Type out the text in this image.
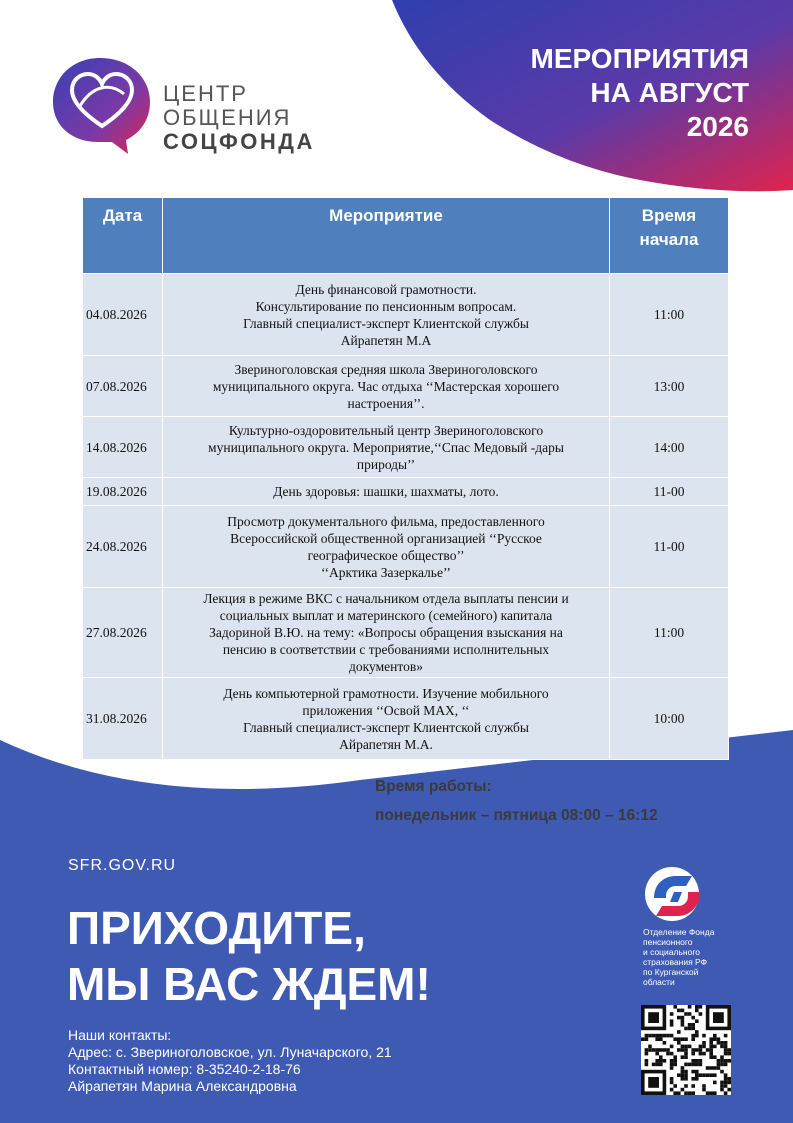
ЦЕНТР
ОБЩЕНИЯ
СОЦФОНДА
МЕРОПРИЯТИЯ
НА АВГУСТ
2026
Дата	Мероприятие	Время
начала

04.08.2026	День финансовой грамотности.
Консультирование по пенсионным вопросам.
Главный специалист-эксперт Клиентской службы
Айрапетян М.А	11:00
07.08.2026	Звериноголовская средняя школа Звериноголовского
муниципального округа. Час отдыха ‘‘Мастерская хорошего
настроения’’.	13:00
14.08.2026	Культурно-оздоровительный центр Звериноголовского
муниципального округа. Мероприятие,‘‘Спас Медовый -дары
природы’’	14:00
19.08.2026	День здоровья: шашки, шахматы, лото.	11-00
24.08.2026	Просмотр документального фильма, предоставленного
Всероссийской общественной организацией ‘‘Русское
географическое общество’’
‘‘Арктика Зазеркалье’’	11-00
27.08.2026	Лекция в режиме ВКС с начальником отдела выплаты пенсии и
социальных выплат и материнского (семейного) капитала
Задориной В.Ю. на тему: «Вопросы обращения взыскания на
пенсию в соответствии с требованиями исполнительных
документов»	11:00
31.08.2026	День компьютерной грамотности. Изучение мобильного
приложения ‘‘Освой MAX, ‘‘
Главный специалист-эксперт Клиентской службы
Айрапетян М.А.	10:00
Время работы:
понедельник – пятница 08:00 – 16:12
SFR.GOV.RU
ПРИХОДИТЕ,
МЫ ВАС ЖДЕМ!
Наши контакты:
Адрес: с. Звериноголовское, ул. Луначарского, 21
Контактный номер: 8-35240-2-18-76
Айрапетян Марина Александровна
Отделение Фонда
пенсионного
и социального
страхования РФ
по Курганской
области
